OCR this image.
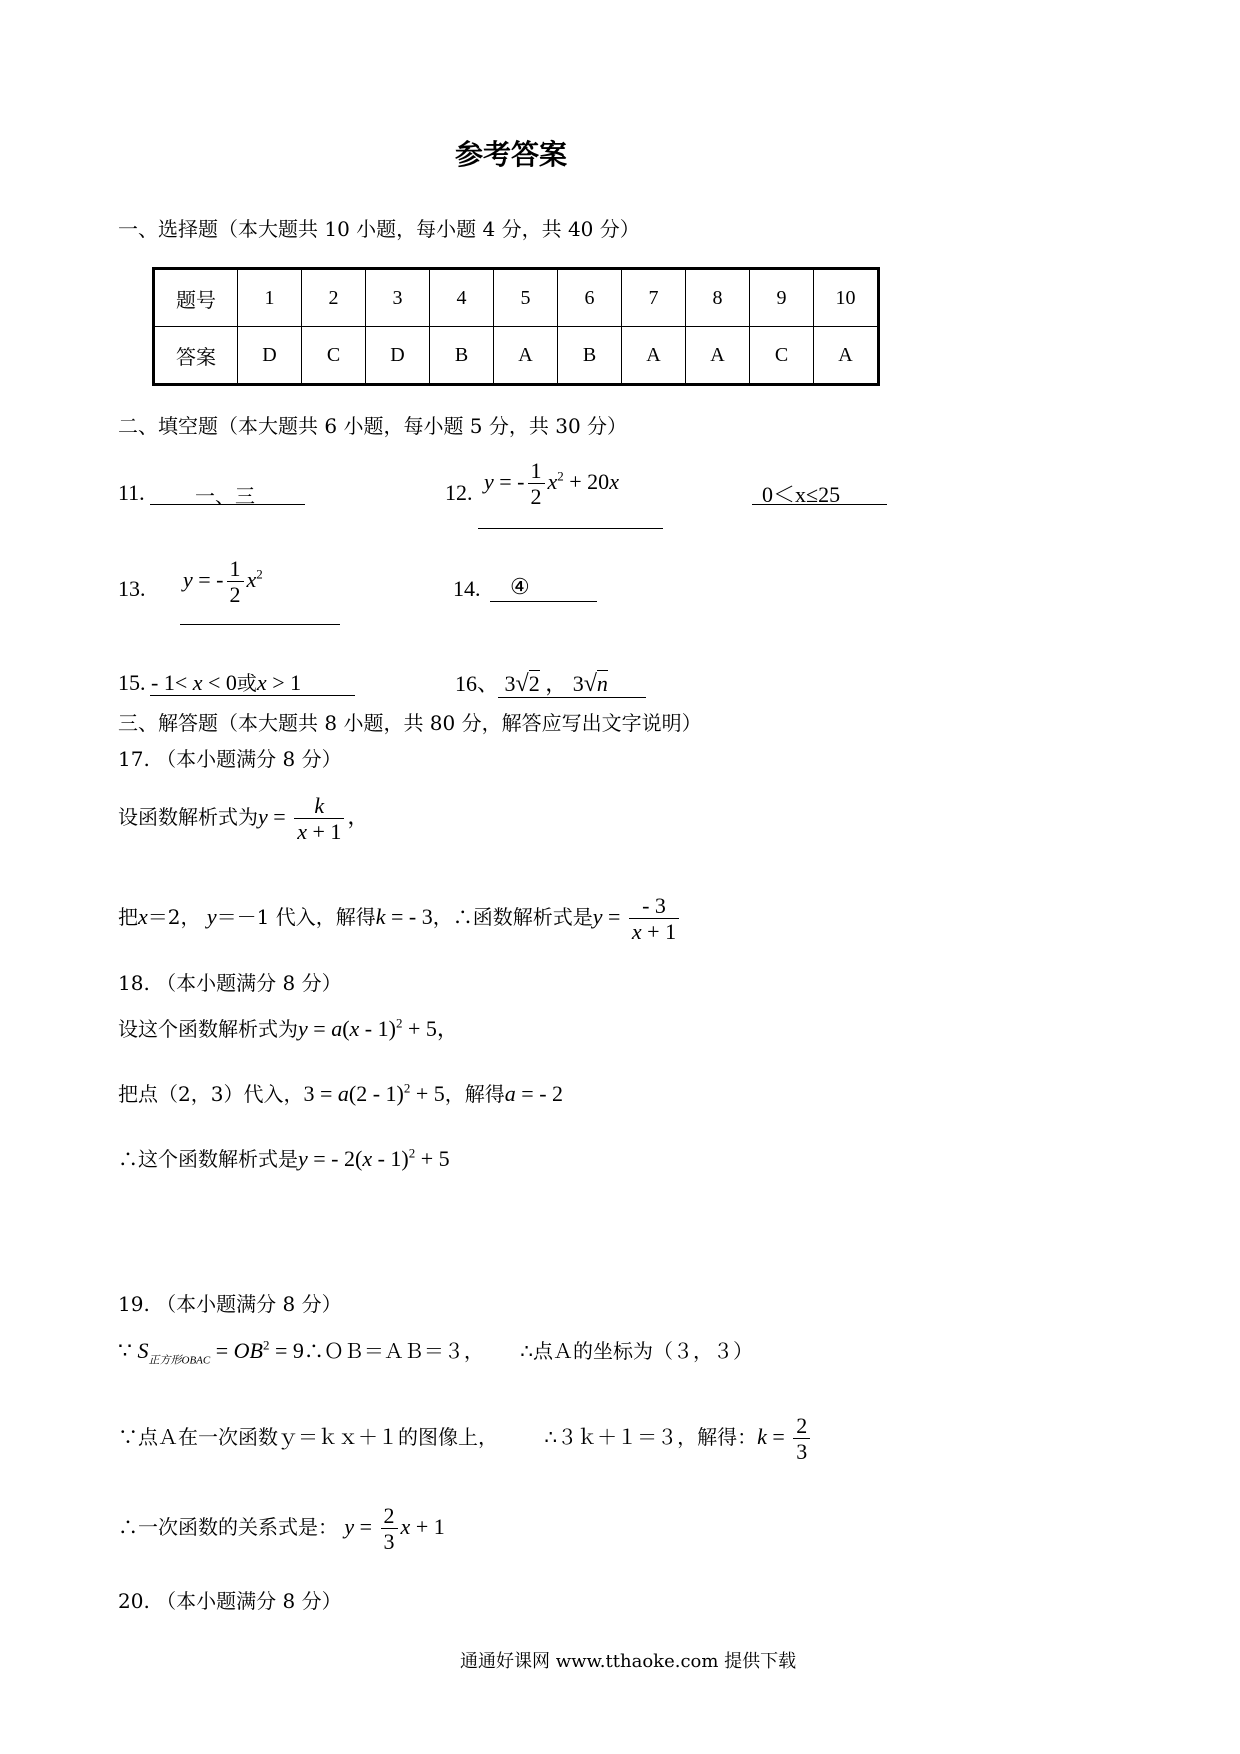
参考答案
一、选择题（本大题共 10 小题，每小题 4 分，共 40 分）
题号	1	2	3	4	5	6	7	8	9	10
答案	D	C	D	B	A	B	A	A	C	A
二、填空题（本大题共 6 小题，每小题 5 分，共 30 分）
11.	一、三	12. y = - $\frac{1}{2} x^2 + 20x$
0＜x≤25
13. y = - $\frac{1}{2} x^2$
14. ④
15. - 1< x < 0或x > 1	16、 3√2 ， 3√n
三、解答题（本大题共 8 小题，共 80 分，解答应写出文字说明）
17. （本小题满分 8 分）
设函数解析式为$y = \frac{k}{x + 1}$ ，
把x＝2， y＝－1 代入，解得k = - 3，∴函数解析式是$y = \frac{- 3}{x + 1}$
18. （本小题满分 8 分）
设这个函数解析式为y = a(x - 1)$^2$ + 5，
把点（2，3）代入，3 = a(2 - 1)$^2$ + 5，解得a = - 2
∴这个函数解析式是y = - 2(x - 1)$^2$ + 5
19. （本小题满分 8 分）
∵ $S_{正方形OBAC} = OB^2$ = 9∴ＯＢ＝ＡＢ＝３， ∴点Ａ的坐标为（３，３）
∵点Ａ在一次函数ｙ＝ｋｘ＋１的图像上， ∴３ｋ＋１＝３，解得：$k = \frac{2}{3}$
∴一次函数的关系式是： $y = \frac{2}{3}$ x + 1
20. （本小题满分 8 分）
通通好课网 www.tthaoke.com 提供下载
